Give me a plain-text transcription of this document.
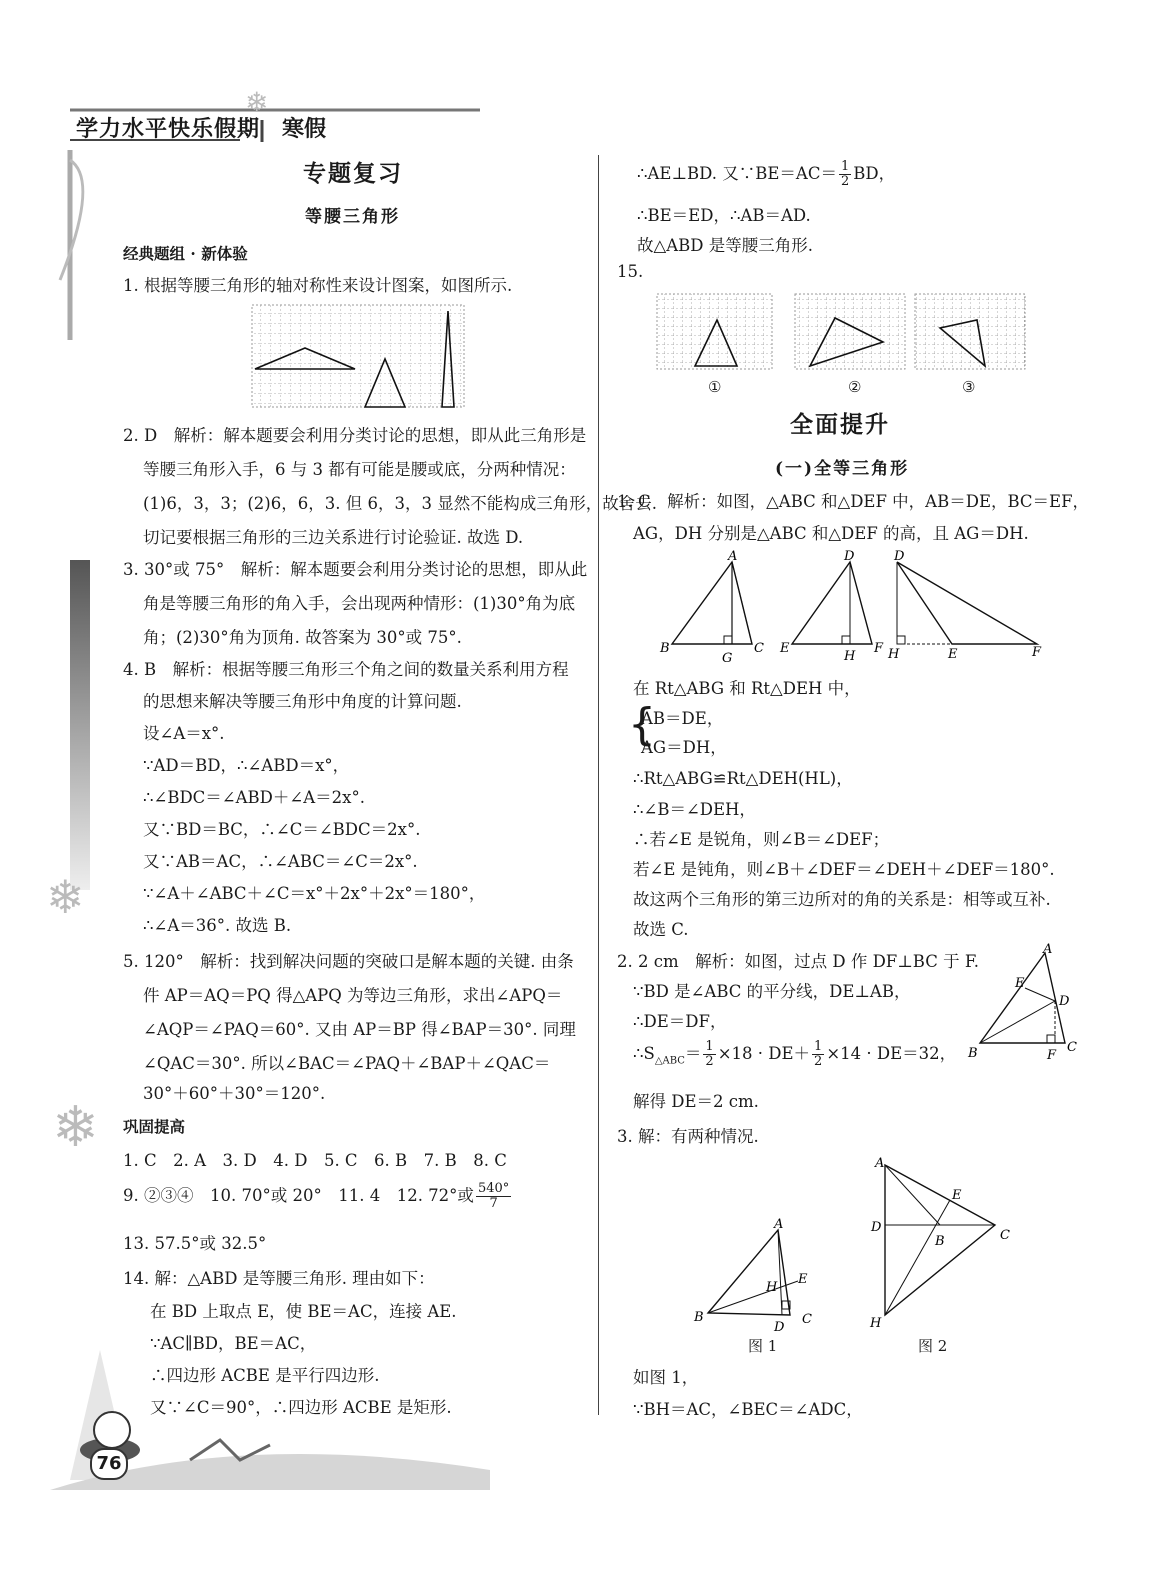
❄
学力水平快乐假期 寒假
❄
❄
专题复习
等腰三角形
经典题组 · 新体验
1. 根据等腰三角形的轴对称性来设计图案，如图所示.
2. D　解析：解本题要会利用分类讨论的思想，即从此三角形是
等腰三角形入手，6 与 3 都有可能是腰或底，分两种情况：
(1)6，3，3；(2)6，6，3. 但 6，3，3 显然不能构成三角形，故舍去.
切记要根据三角形的三边关系进行讨论验证. 故选 D.
3. 30°或 75°　解析：解本题要会利用分类讨论的思想，即从此
角是等腰三角形的角入手，会出现两种情形：(1)30°角为底
角；(2)30°角为顶角. 故答案为 30°或 75°.
4. B　解析：根据等腰三角形三个角之间的数量关系利用方程
的思想来解决等腰三角形中角度的计算问题.
设∠A＝x°.
∵AD＝BD，∴∠ABD＝x°，
∴∠BDC＝∠ABD＋∠A＝2x°.
又∵BD＝BC，∴∠C＝∠BDC＝2x°.
又∵AB＝AC，∴∠ABC＝∠C＝2x°.
∵∠A＋∠ABC＋∠C＝x°＋2x°＋2x°＝180°，
∴∠A＝36°. 故选 B.
5. 120°　解析：找到解决问题的突破口是解本题的关键. 由条
件 AP＝AQ＝PQ 得△APQ 为等边三角形，求出∠APQ＝
∠AQP＝∠PAQ＝60°. 又由 AP＝BP 得∠BAP＝30°. 同理
∠QAC＝30°. 所以∠BAC＝∠PAQ＋∠BAP＋∠QAC＝
30°＋60°＋30°＝120°.
巩固提高
1. C　2. A　3. D　4. D　5. C　6. B　7. B　8. C
9. ②③④　10. 70°或 20°　11. 4　12. 72°或 $\frac{540^\circ}{7}$
13. 57.5°或 32.5°
14. 解：△ABD 是等腰三角形. 理由如下：
在 BD 上取点 E，使 BE＝AC，连接 AE.
∵AC∥BD，BE＝AC，
∴四边形 ACBE 是平行四边形.
又∵∠C＝90°，∴四边形 ACBE 是矩形.
76
∴AE⊥BD. 又∵BE＝AC＝ $\frac{1}{2}$ BD，
∴BE＝ED，∴AB＝AD.
故△ABD 是等腰三角形.
15.
①	②	③
全面提升
(一)全等三角形
1. C　解析：如图，△ABC 和△DEF 中，AB＝DE，BC＝EF，
AG，DH 分别是△ABC 和△DEF 的高，且 AG＝DH.
A
B	C
G
D
E	F
H
D
H	E	F
在 Rt△ABG 和 Rt△DEH 中，
{
AB＝DE，
AG＝DH，
∴Rt△ABG≌Rt△DEH(HL)，
∴∠B＝∠DEH，
∴若∠E 是锐角，则∠B＝∠DEF；
若∠E 是钝角，则∠B＋∠DEF＝∠DEH＋∠DEF＝180°.
故这两个三角形的第三边所对的角的关系是：相等或互补.
故选 C.
2. 2 cm　解析：如图，过点 D 作 DF⊥BC 于 F.
∵BD 是∠ABC 的平分线，DE⊥AB，
∴DE＝DF，
$\therefore S_{\triangle ABC}= \frac{1}{2} \times 18 \cdot DE+ \frac{1}{2} \times 14 \cdot DE=32$，
A
B	C
D
E
F
解得 DE＝2 cm.
3. 解：有两种情况.
A
B	C
D
E
H
A
D
B	C
E
H
图 1	图 2
如图 1，
∵BH＝AC，∠BEC＝∠ADC，
